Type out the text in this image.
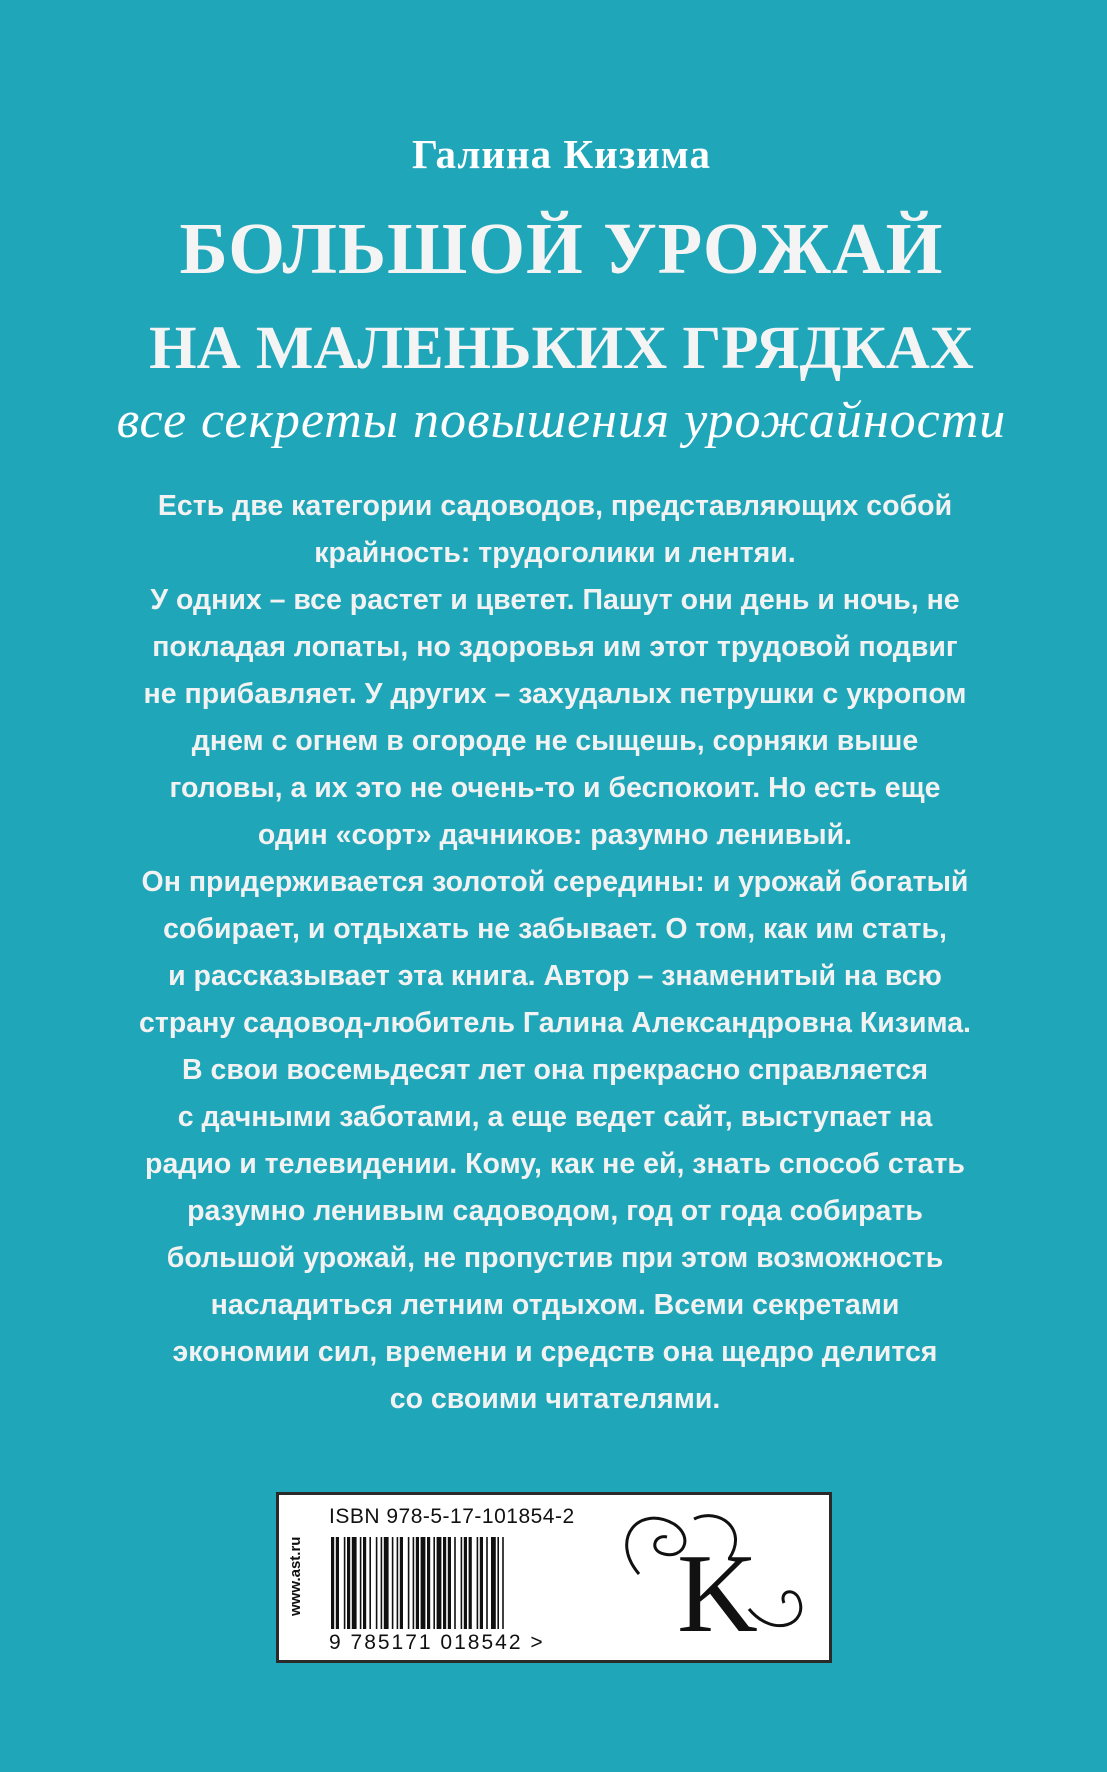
Галина Кизима
БОЛЬШОЙ УРОЖАЙ
НА МАЛЕНЬКИХ ГРЯДКАХ
все секреты повышения урожайности
Есть две категории садоводов, представляющих собой
крайность: трудоголики и лентяи.
У одних – все растет и цветет. Пашут они день и ночь, не
покладая лопаты, но здоровья им этот трудовой подвиг
не прибавляет. У других – захудалых петрушки с укропом
днем с огнем в огороде не сыщешь, сорняки выше
головы, а их это не очень-то и беспокоит. Но есть еще
один «сорт» дачников: разумно ленивый.
Он придерживается золотой середины: и урожай богатый
собирает, и отдыхать не забывает. О том, как им стать,
и рассказывает эта книга. Автор – знаменитый на всю
страну садовод-любитель Галина Александровна Кизима.
В свои восемьдесят лет она прекрасно справляется
с дачными заботами, а еще ведет сайт, выступает на
радио и телевидении. Кому, как не ей, знать способ стать
разумно ленивым садоводом, год от года собирать
большой урожай, не пропустив при этом возможность
насладиться летним отдыхом. Всеми секретами
экономии сил, времени и средств она щедро делится
со своими читателями.
www.ast.ru
ISBN 978-5-17-101854-2
9 785171 018542 > K
